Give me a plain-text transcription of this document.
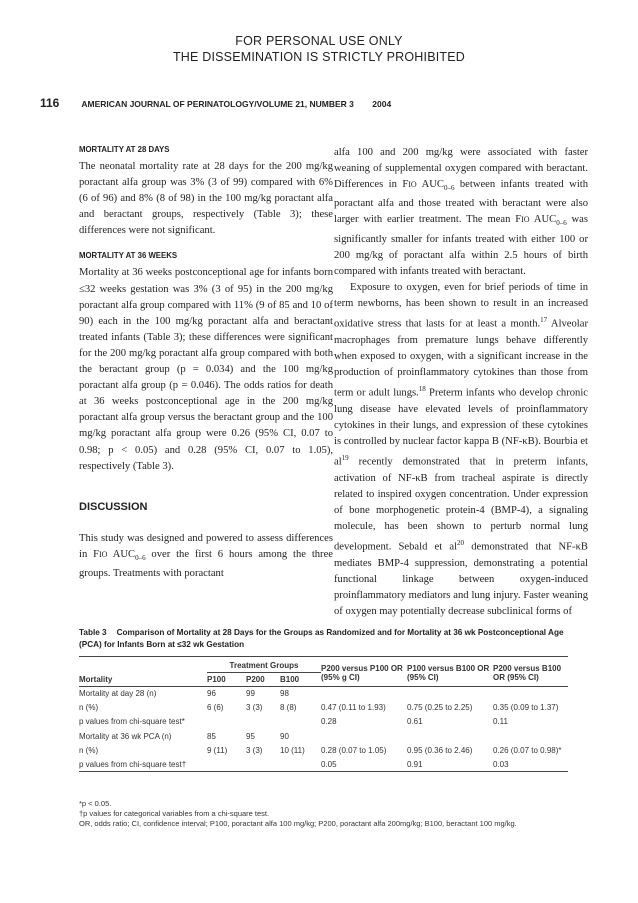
FOR PERSONAL USE ONLY
THE DISSEMINATION IS STRICTLY PROHIBITED
116	AMERICAN JOURNAL OF PERINATOLOGY/VOLUME 21, NUMBER 3 2004
MORTALITY AT 28 DAYS

The neonatal mortality rate at 28 days for the 200 mg/kg poractant alfa group was 3% (3 of 99) compared with 6% (6 of 96) and 8% (8 of 98) in the 100 mg/kg poractant alfa and beractant groups, respectively (Table 3); these differences were not significant.

MORTALITY AT 36 WEEKS

Mortality at 36 weeks postconceptional age for infants born ≤32 weeks gestation was 3% (3 of 95) in the 200 mg/kg poractant alfa group compared with 11% (9 of 85 and 10 of 90) each in the 100 mg/kg poractant alfa and beractant treated infants (Table 3); these differences were significant for the 200 mg/kg poractant alfa group compared with both the beractant group (p = 0.034) and the 100 mg/kg poractant alfa group (p = 0.046). The odds ratios for death at 36 weeks postconceptional age in the 200 mg/kg poractant alfa group versus the beractant group and the 100 mg/kg poractant alfa group were 0.26 (95% CI, 0.07 to 0.98; p < 0.05) and 0.28 (95% CI, 0.07 to 1.05), respectively (Table 3).

DISCUSSION

This study was designed and powered to assess differences in FIO $AUC_{0-6}$ over the first 6 hours among the three groups. Treatments with poractant

alfa 100 and 200 mg/kg were associated with faster weaning of supplemental oxygen compared with beractant. Differences in FIO $AUC_{0-6}$ between infants treated with poractant alfa and those treated with beractant were also larger with earlier treatment. The mean FIO $AUC_{0-6}$ was significantly smaller for infants treated with either 100 or 200 mg/kg of poractant alfa within 2.5 hours of birth compared with infants treated with beractant.

Exposure to oxygen, even for brief periods of time in term newborns, has been shown to result in an increased oxidative stress that lasts for at least a month.$^{17}$ Alveolar macrophages from premature lungs behave differently when exposed to oxygen, with a significant increase in the production of proinflammatory cytokines than those from term or adult lungs.$^{18}$ Preterm infants who develop chronic lung disease have elevated levels of proinflammatory cytokines in their lungs, and expression of these cytokines is controlled by nuclear factor kappa B (NF-κB). Bourbia et $al^{19}$ recently demonstrated that in preterm infants, activation of NF-κB from tracheal aspirate is directly related to inspired oxygen concentration. Under expression of bone morphogenetic protein-4 (BMP-4), a signaling molecule, has been shown to perturb normal lung development. Sebald et $al^{20}$ demonstrated that NF-κB mediates BMP-4 suppression, demonstrating a potential functional linkage between oxygen-induced proinflammatory mediators and lung injury. Faster weaning of oxygen may potentially decrease subclinical forms of

Table 3 Comparison of Mortality at 28 Days for the Groups as Randomized and for Mortality at 36 wk Postconceptional Age (PCA) for Infants Born at ≤32 wk Gestation
	Treatment Groups			P200 versus P100 OR (95% g CI)	P100 versus B100 OR (95% CI)	P200 versus B100 OR (95% CI)
Mortality	P100	P200	B100			
Mortality at day 28 (n)	96	99	98			
n (%)	6 (6)	3 (3)	8 (8)	0.47 (0.11 to 1.93)	0.75 (0.25 to 2.25)	0.35 (0.09 to 1.37)
p values from chi-square test*				0.28	0.61	0.11
Mortality at 36 wk PCA (n)	85	95	90			
n (%)	9 (11)	3 (3)	10 (11)	0.28 (0.07 to 1.05)	0.95 (0.36 to 2.46)	0.26 (0.07 to 0.98)*
p values from chi-square test†				0.05	0.91	0.03
*p < 0.05.
†p values for categorical variables from a chi-square test.
OR, odds ratio; CI, confidence interval; P100, poractant alfa 100 mg/kg; P200, poractant alfa 200mg/kg; B100, beractant 100 mg/kg.
